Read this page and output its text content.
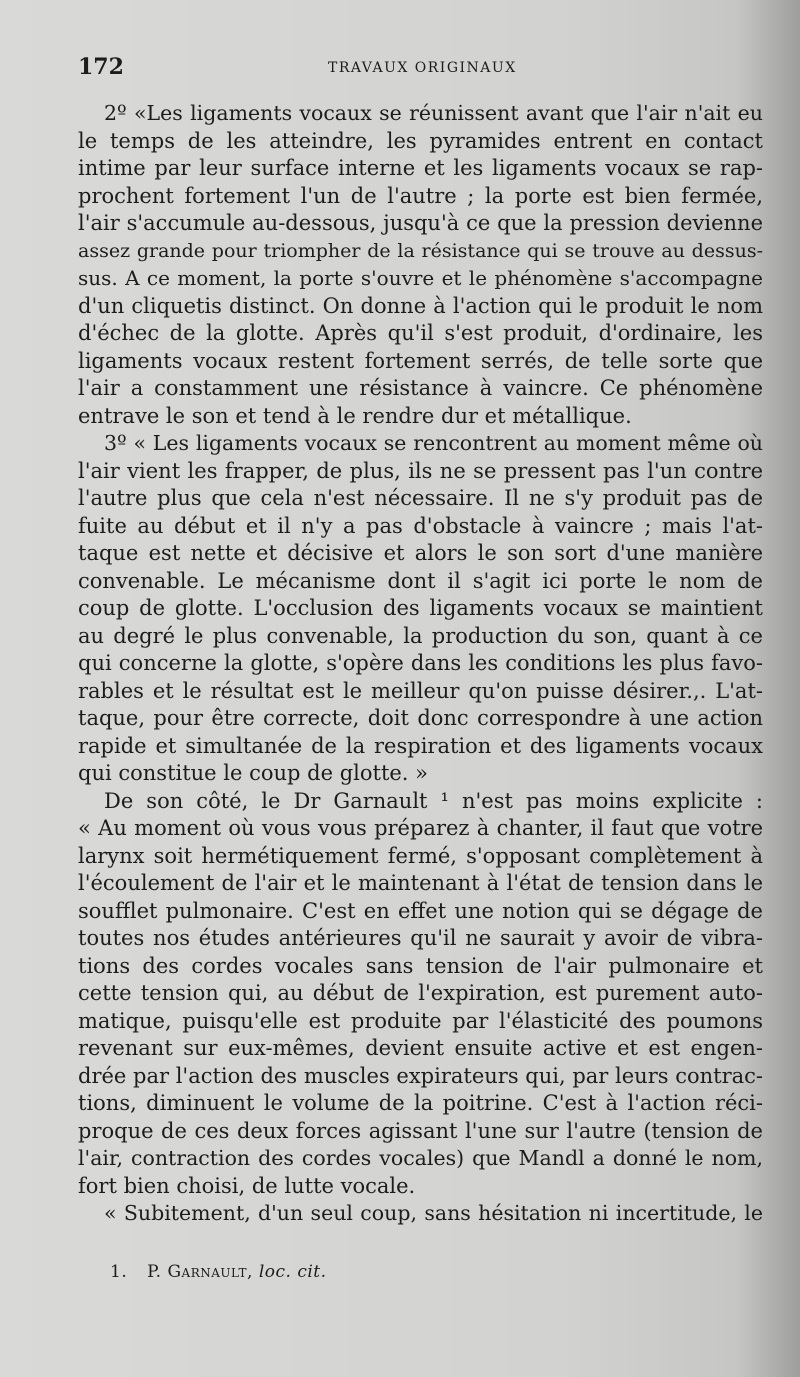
172	TRAVAUX ORIGINAUX
2º «Les ligaments vocaux se réunissent avant que l'air n'ait eu
le temps de les atteindre, les pyramides entrent en contact
intime par leur surface interne et les ligaments vocaux se rap-
prochent fortement l'un de l'autre ; la porte est bien fermée,
l'air s'accumule au-dessous, jusqu'à ce que la pression devienne
assez grande pour triompher de la résistance qui se trouve au dessus-
sus. A ce moment, la porte s'ouvre et le phénomène s'accompagne
d'un cliquetis distinct. On donne à l'action qui le produit le nom
d'échec de la glotte. Après qu'il s'est produit, d'ordinaire, les
ligaments vocaux restent fortement serrés, de telle sorte que
l'air a constamment une résistance à vaincre. Ce phénomène
entrave le son et tend à le rendre dur et métallique.
3º « Les ligaments vocaux se rencontrent au moment même où
l'air vient les frapper, de plus, ils ne se pressent pas l'un contre
l'autre plus que cela n'est nécessaire. Il ne s'y produit pas de
fuite au début et il n'y a pas d'obstacle à vaincre ; mais l'at-
taque est nette et décisive et alors le son sort d'une manière
convenable. Le mécanisme dont il s'agit ici porte le nom de
coup de glotte. L'occlusion des ligaments vocaux se maintient
au degré le plus convenable, la production du son, quant à ce
qui concerne la glotte, s'opère dans les conditions les plus favo-
rables et le résultat est le meilleur qu'on puisse désirer.,. L'at-
taque, pour être correcte, doit donc correspondre à une action
rapide et simultanée de la respiration et des ligaments vocaux
qui constitue le coup de glotte. »
De son côté, le Dr Garnault ¹ n'est pas moins explicite :
« Au moment où vous vous préparez à chanter, il faut que votre
larynx soit hermétiquement fermé, s'opposant complètement à
l'écoulement de l'air et le maintenant à l'état de tension dans le
soufflet pulmonaire. C'est en effet une notion qui se dégage de
toutes nos études antérieures qu'il ne saurait y avoir de vibra-
tions des cordes vocales sans tension de l'air pulmonaire et
cette tension qui, au début de l'expiration, est purement auto-
matique, puisqu'elle est produite par l'élasticité des poumons
revenant sur eux-mêmes, devient ensuite active et est engen-
drée par l'action des muscles expirateurs qui, par leurs contrac-
tions, diminuent le volume de la poitrine. C'est à l'action réci-
proque de ces deux forces agissant l'une sur l'autre (tension de
l'air, contraction des cordes vocales) que Mandl a donné le nom,
fort bien choisi, de lutte vocale.
« Subitement, d'un seul coup, sans hésitation ni incertitude, le
1. P. Garnault, loc. cit.
